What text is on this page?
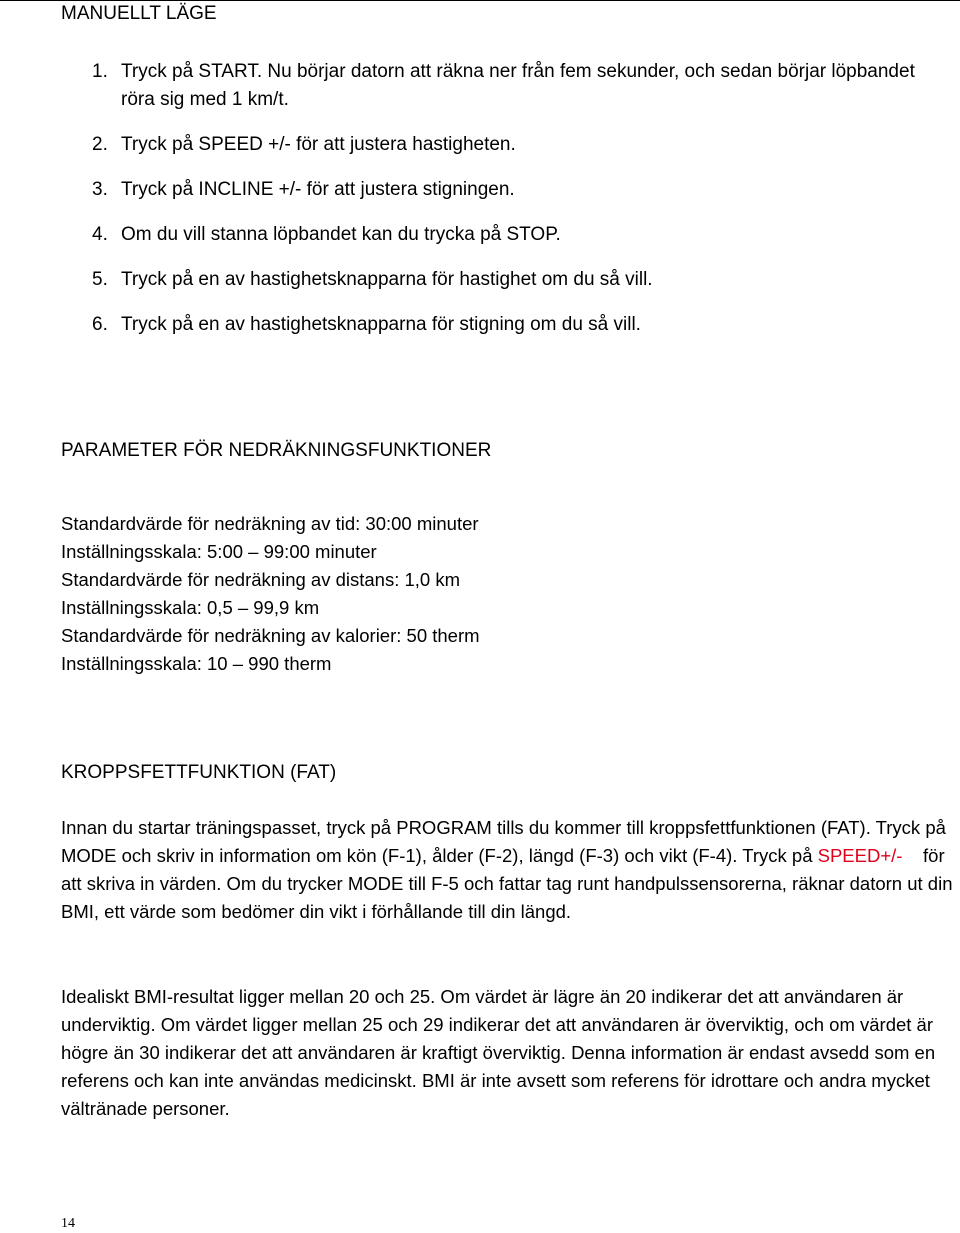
MANUELLT LÄGE
1. Tryck på START. Nu börjar datorn att räkna ner från fem sekunder, och sedan börjar löpbandet röra sig med 1 km/t.
2. Tryck på SPEED +/- för att justera hastigheten.
3. Tryck på INCLINE +/- för att justera stigningen.
4. Om du vill stanna löpbandet kan du trycka på STOP.
5. Tryck på en av hastighetsknapparna för hastighet om du så vill.
6. Tryck på en av hastighetsknapparna för stigning om du så vill.
PARAMETER FÖR NEDRÄKNINGSFUNKTIONER
Standardvärde för nedräkning av tid: 30:00 minuter
Inställningsskala: 5:00 – 99:00 minuter
Standardvärde för nedräkning av distans: 1,0 km
Inställningsskala: 0,5 – 99,9 km
Standardvärde för nedräkning av kalorier: 50 therm
Inställningsskala: 10 – 990 therm
KROPPSFETTFUNKTION (FAT)

Innan du startar träningspasset, tryck på PROGRAM tills du kommer till kroppsfettfunktionen (FAT). Tryck på MODE och skriv in information om kön (F-1), ålder (F-2), längd (F-3) och vikt (F-4). Tryck på SPEED+/-    för att skriva in värden. Om du trycker MODE till F-5 och fattar tag runt handpulssensorerna, räknar datorn ut din BMI, ett värde som bedömer din vikt i förhållande till din längd.

Idealiskt BMI-resultat ligger mellan 20 och 25. Om värdet är lägre än 20 indikerar det att användaren är underviktig. Om värdet ligger mellan 25 och 29 indikerar det att användaren är överviktig, och om värdet är högre än 30 indikerar det att användaren är kraftigt överviktig. Denna information är endast avsedd som en referens och kan inte användas medicinskt. BMI är inte avsett som referens för idrottare och andra mycket vältränade personer.

14
